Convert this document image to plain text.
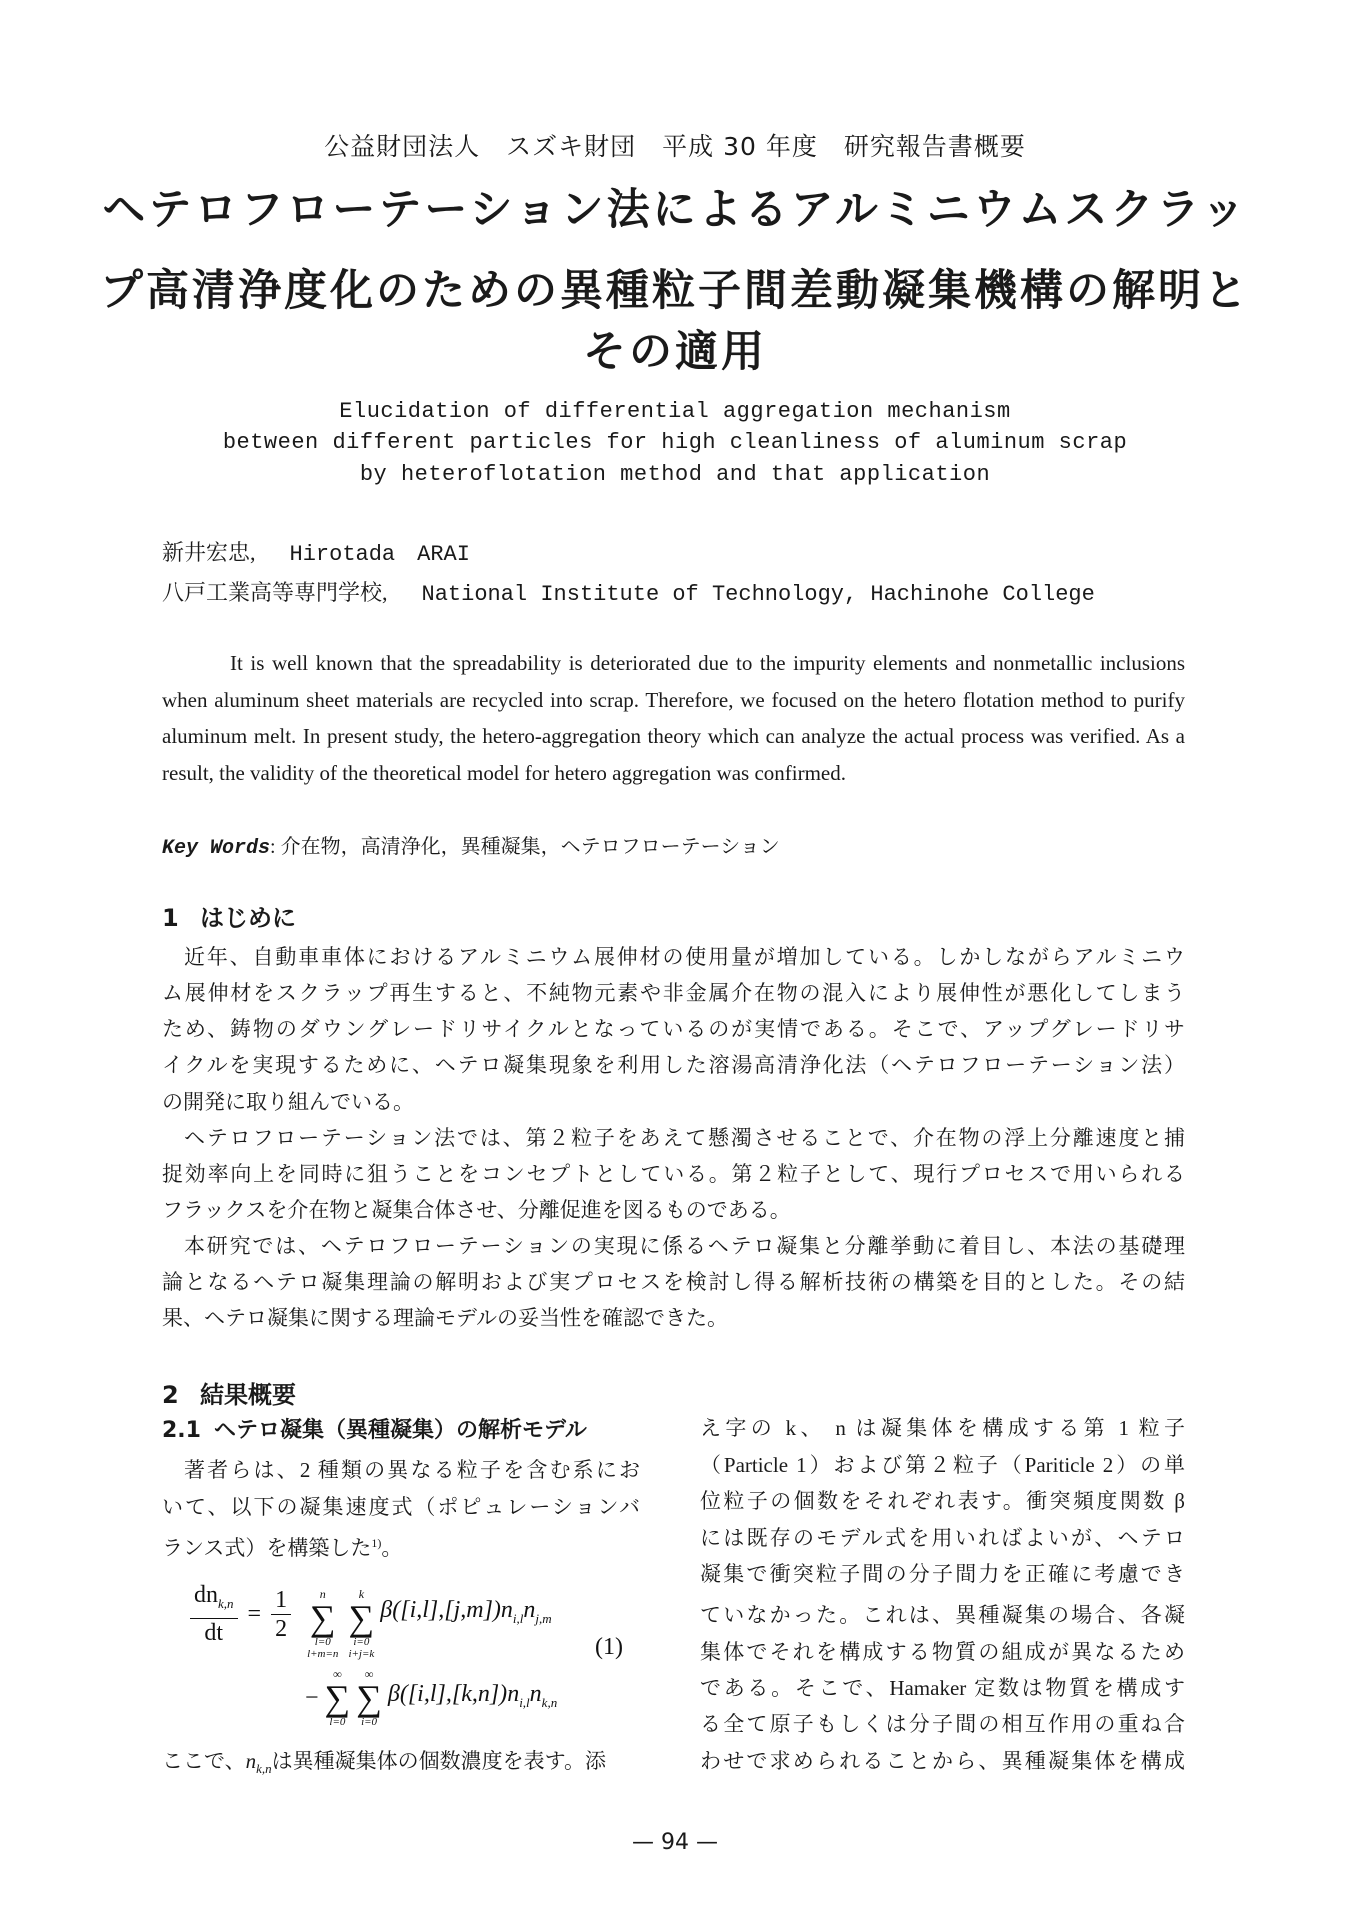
公益財団法人　スズキ財団　平成 30 年度　研究報告書概要
ヘテロフローテーション法によるアルミニウムスクラッ
プ高清浄度化のための異種粒子間差動凝集機構の解明と
その適用
Elucidation of differential aggregation mechanism
between different particles for high cleanliness of aluminum scrap
by heteroflotation method and that application
新井宏忠, Hirotada　ARAI
八戸工業高等専門学校, National Institute of Technology, Hachinohe College

It is well known that the spreadability is deteriorated due to the impurity elements and nonmetallic inclusions when aluminum sheet materials are recycled into scrap. Therefore, we focused on the hetero flotation method to purify aluminum melt. In present study, the hetero-aggregation theory which can analyze the actual process was verified. As a result, the validity of the theoretical model for hetero aggregation was confirmed.

Key Words: 介在物，高清浄化，異種凝集，ヘテロフローテーション
1 はじめに
近年、自動車車体におけるアルミニウム展伸材の使用量が増加している。しかしながらアルミニウ
ム展伸材をスクラップ再生すると、不純物元素や非金属介在物の混入により展伸性が悪化してしまう
ため、鋳物のダウングレードリサイクルとなっているのが実情である。そこで、アップグレードリサ
イクルを実現するために、ヘテロ凝集現象を利用した溶湯高清浄化法（ヘテロフローテーション法）
の開発に取り組んでいる。
ヘテロフローテーション法では、第２粒子をあえて懸濁させることで、介在物の浮上分離速度と捕
捉効率向上を同時に狙うことをコンセプトとしている。第２粒子として、現行プロセスで用いられる
フラックスを介在物と凝集合体させ、分離促進を図るものである。
本研究では、ヘテロフローテーションの実現に係るヘテロ凝集と分離挙動に着目し、本法の基礎理
論となるヘテロ凝集理論の解明および実プロセスを検討し得る解析技術の構築を目的とした。その結
果、ヘテロ凝集に関する理論モデルの妥当性を確認できた。
2 結果概要
2.1 ヘテロ凝集（異種凝集）の解析モデル
著者らは、2 種類の異なる粒子を含む系にお
いて、以下の凝集速度式（ポピュレーションバ
ランス式）を構築した$^{1)}$。
$\frac{dn_{k,n}}{dt} = \frac{1}{2}$
	n
∑
l=0
l+m=n

k
∑
i=0
i+j=k
$\beta([i,l],[j,m])n_{i,l}n_{j,m}$
(1)
−
∞
∑
l=0

∞
∑
i=0
$\beta([i,l],[k,n])n_{i,l}n_{k,n}$
ここで、$n_{k,n}$は異種凝集体の個数濃度を表す。添
え字の k、 n は凝集体を構成する第 1 粒子
（Particle 1）および第２粒子（Pariticle 2）の単
位粒子の個数をそれぞれ表す。衝突頻度関数 β
には既存のモデル式を用いればよいが、ヘテロ
凝集で衝突粒子間の分子間力を正確に考慮でき
ていなかった。これは、異種凝集の場合、各凝
集体でそれを構成する物質の組成が異なるため
である。そこで、Hamaker 定数は物質を構成す
る全て原子もしくは分子間の相互作用の重ね合
わせで求められることから、異種凝集体を構成
— 94 —
